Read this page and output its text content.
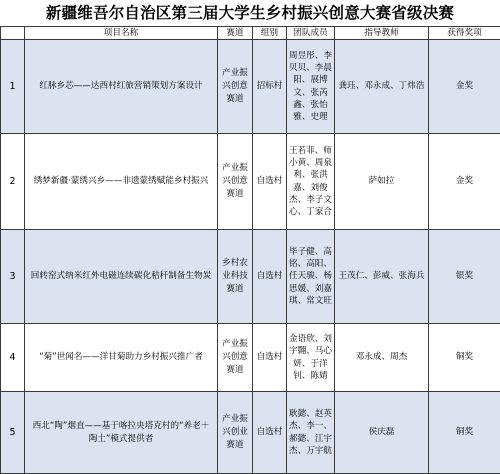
新疆维吾尔自治区第三届大学生乡村振兴创意大赛省级决赛
	项目名称	赛道	组别	团队成员	指导教师	获得奖项
1	红脉乡芯——达西村红旅营销策划方案设计	产业振兴创意赛道	招标村	周昱彤、李贝贝、李晨阳、展博文、张芮鑫、张怡雅、史理	龚珏、邓永成、丁炜浩	金奖
2	绣梦新疆·蒙绣兴乡——非遗蒙绣赋能乡村振兴	产业振兴创意赛道	自选村	王若菲、师小黄、周泉利、张洪嘉、刘俊杰、李子文心、丁家合	萨如拉	金奖
3	回转窑式纳米红外电磁连续碳化秸秆制备生物炭	乡村农业科技赛道	自选村	毕子健、高铭、高阳、任天骏、杨思媛、刘嘉琪、常文旺	王茂仁、彭威、张海兵	银奖
4	“菊”世闻名——洋甘菊助力乡村振兴推广者	产业振兴创意赛道	自选村	金语欣、刘宇翾、马心妍、于洋钊、陈婧	邓永成、周杰	铜奖
5	西北“陶”烟直——基于喀拉央塔克村的“养老＋陶土”模式提供者	产业振兴创业赛道	自选村	耿懿、赵英杰、李一、郝懿、江宇杰、万宇航	侯庆磊	铜奖
